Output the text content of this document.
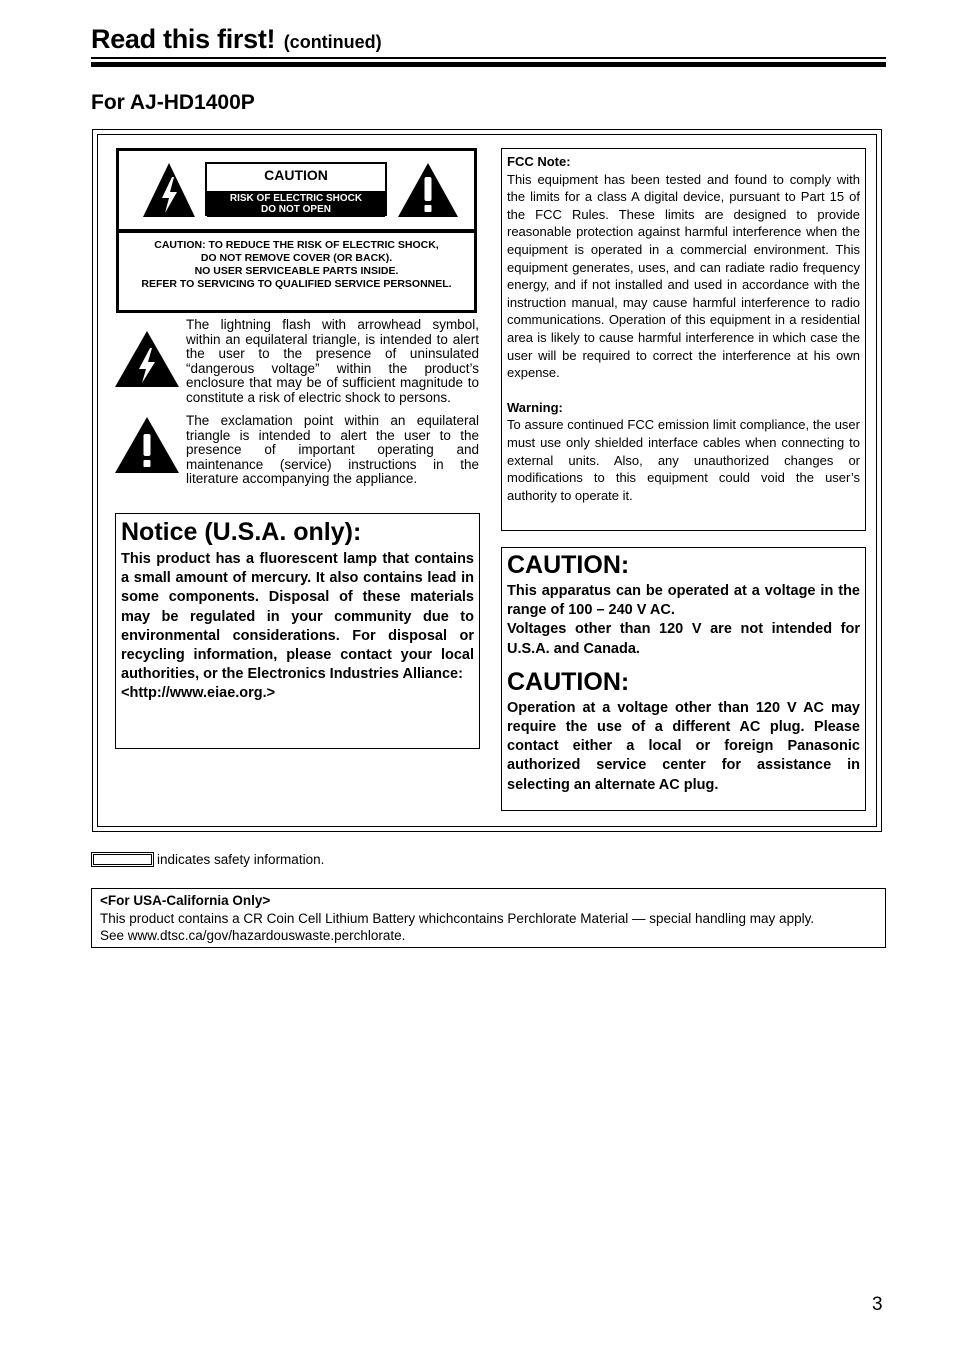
Read this first! (continued)
For AJ-HD1400P
CAUTION
RISK OF ELECTRIC SHOCK
DO NOT OPEN
CAUTION: TO REDUCE THE RISK OF ELECTRIC SHOCK,
DO NOT REMOVE COVER (OR BACK).
NO USER SERVICEABLE PARTS INSIDE.
REFER TO SERVICING TO QUALIFIED SERVICE PERSONNEL.
The lightning flash with arrowhead symbol, within an equilateral triangle, is intended to alert the user to the presence of uninsulated “dangerous voltage” within the product’s enclosure that may be of sufficient magnitude to constitute a risk of electric shock to persons.
The exclamation point within an equilateral triangle is intended to alert the user to the presence of important operating and maintenance (service) instructions in the literature accompanying the appliance.
Notice (U.S.A. only):
This product has a fluorescent lamp that contains a small amount of mercury. It also contains lead in some components. Disposal of these materials may be regulated in your community due to environmental considerations. For disposal or recycling information, please contact your local authorities, or the Electronics Industries Alliance:
<http://www.eiae.org.>
FCC Note:
This equipment has been tested and found to comply with the limits for a class A digital device, pursuant to Part 15 of the FCC Rules. These limits are designed to provide reasonable protection against harmful interference when the equipment is operated in a commercial environment. This equipment generates, uses, and can radiate radio frequency energy, and if not installed and used in accordance with the instruction manual, may cause harmful interference to radio communications. Operation of this equipment in a residential area is likely to cause harmful interference in which case the user will be required to correct the interference at his own expense.
Warning:
To assure continued FCC emission limit compliance, the user must use only shielded interface cables when connecting to external units. Also, any unauthorized changes or modifications to this equipment could void the user’s authority to operate it.
CAUTION:
This apparatus can be operated at a voltage in the range of 100 – 240 V AC.
Voltages other than 120 V are not intended for U.S.A. and Canada.
CAUTION:
Operation at a voltage other than 120 V AC may require the use of a different AC plug. Please contact either a local or foreign Panasonic authorized service center for assistance in selecting an alternate AC plug.
indicates safety information.
<For USA-California Only>
This product contains a CR Coin Cell Lithium Battery whichcontains Perchlorate Material — special handling may apply.
See www.dtsc.ca/gov/hazardouswaste.perchlorate.
3
